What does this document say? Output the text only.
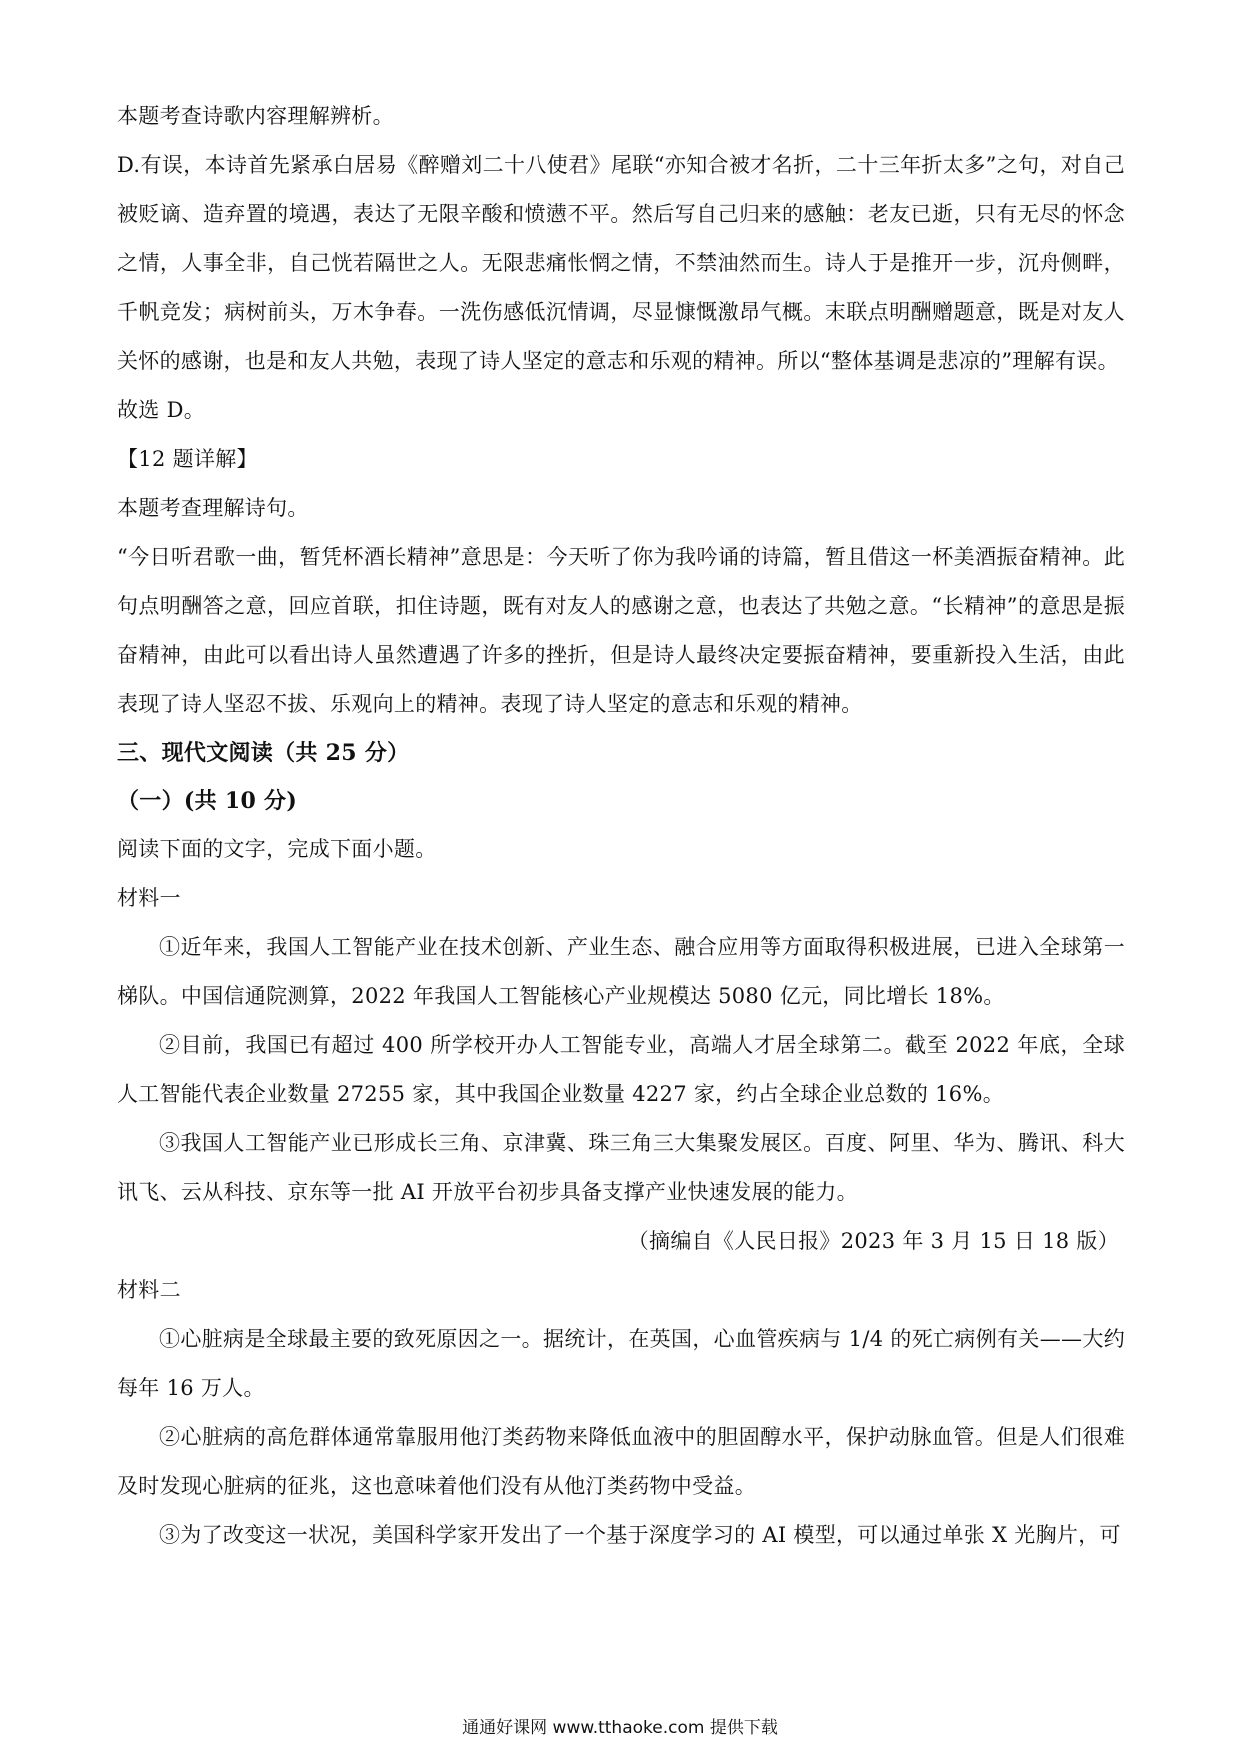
本题考查诗歌内容理解辨析。

D.有误，本诗首先紧承白居易《醉赠刘二十八使君》尾联“亦知合被才名折，二十三年折太多”之句，对自己被贬谪、造弃置的境遇，表达了无限辛酸和愤懑不平。然后写自己归来的感触：老友已逝，只有无尽的怀念之情，人事全非，自己恍若隔世之人。无限悲痛怅惘之情，不禁油然而生。诗人于是推开一步，沉舟侧畔，千帆竞发；病树前头，万木争春。一洗伤感低沉情调，尽显慷慨激昂气概。末联点明酬赠题意，既是对友人关怀的感谢，也是和友人共勉，表现了诗人坚定的意志和乐观的精神。所以“整体基调是悲凉的”理解有误。

故选 D。

【12 题详解】

本题考查理解诗句。

“今日听君歌一曲，暂凭杯酒长精神”意思是：今天听了你为我吟诵的诗篇，暂且借这一杯美酒振奋精神。此句点明酬答之意，回应首联，扣住诗题，既有对友人的感谢之意，也表达了共勉之意。“长精神”的意思是振奋精神，由此可以看出诗人虽然遭遇了许多的挫折，但是诗人最终决定要振奋精神，要重新投入生活，由此表现了诗人坚忍不拔、乐观向上的精神。表现了诗人坚定的意志和乐观的精神。

三、现代文阅读（共 25 分）

（一）(共 10 分)

阅读下面的文字，完成下面小题。

材料一

①近年来，我国人工智能产业在技术创新、产业生态、融合应用等方面取得积极进展，已进入全球第一梯队。中国信通院测算，2022 年我国人工智能核心产业规模达 5080 亿元，同比增长 18%。

②目前，我国已有超过 400 所学校开办人工智能专业，高端人才居全球第二。截至 2022 年底，全球人工智能代表企业数量 27255 家，其中我国企业数量 4227 家，约占全球企业总数的 16%。

③我国人工智能产业已形成长三角、京津冀、珠三角三大集聚发展区。百度、阿里、华为、腾讯、科大讯飞、云从科技、京东等一批 AI 开放平台初步具备支撑产业快速发展的能力。

（摘编自《人民日报》2023 年 3 月 15 日 18 版）

材料二

①心脏病是全球最主要的致死原因之一。据统计，在英国，心血管疾病与 1/4 的死亡病例有关——大约每年 16 万人。

②心脏病的高危群体通常靠服用他汀类药物来降低血液中的胆固醇水平，保护动脉血管。但是人们很难及时发现心脏病的征兆，这也意味着他们没有从他汀类药物中受益。

③为了改变这一状况，美国科学家开发出了一个基于深度学习的 AI 模型，可以通过单张 X 光胸片，可

通通好课网 www.tthaoke.com 提供下载
